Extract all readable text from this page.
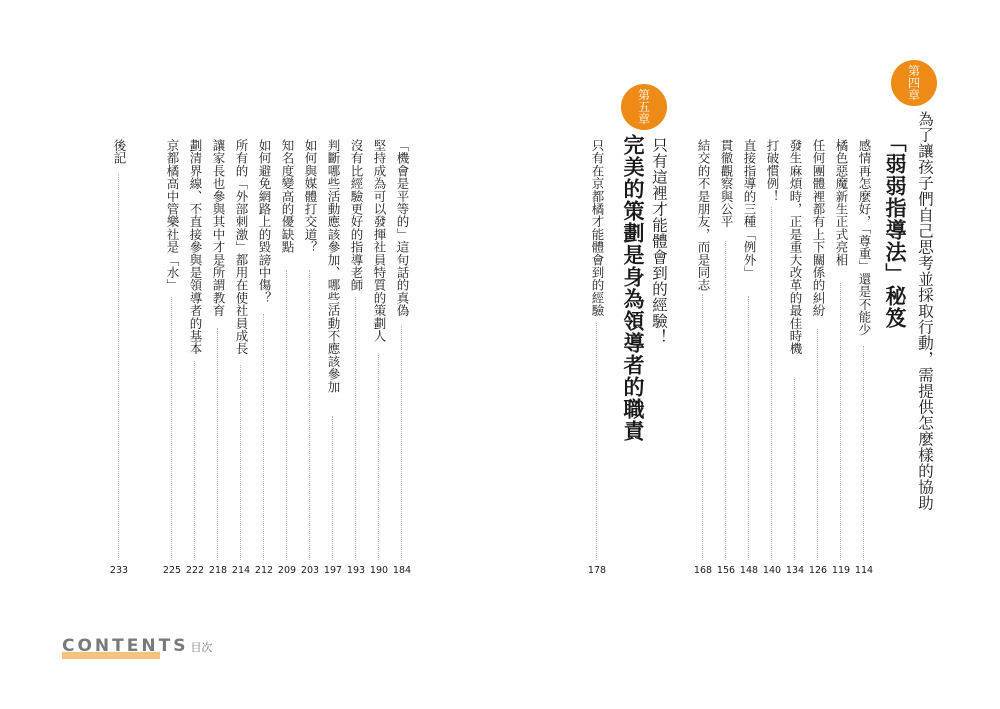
第四章
為了讓孩子們自己思考並採取行動，需提供怎麼樣的協助
「弱弱指導法」秘笈
感情再怎麼好，「尊重」還是不能少
114
橘色惡魔新生正式亮相
119
任何團體裡都有上下關係的糾紛
126
發生麻煩時，正是重大改革的最佳時機
134
打破慣例！
140
直接指導的三種「例外」
148
貫徹觀察與公平
156
結交的不是朋友，而是同志
168
第五章
只有這裡才能體會到的經驗！
完美的策劃是身為領導者的職責
只有在京都橘才能體會到的經驗
178
「機會是平等的」這句話的真偽
184
堅持成為可以發揮社員特質的策劃人
190
沒有比經驗更好的指導老師
193
判斷哪些活動應該參加、哪些活動不應該參加
197
如何與媒體打交道？
203
知名度變高的優缺點
209
如何避免網路上的毀謗中傷？
212
所有的「外部刺激」都用在使社員成長
214
讓家長也參與其中才是所謂教育
218
劃清界線、不直接參與是領導者的基本
222
京都橘高中管樂社是「水」
225
後記
233
CONTENTS 目次
